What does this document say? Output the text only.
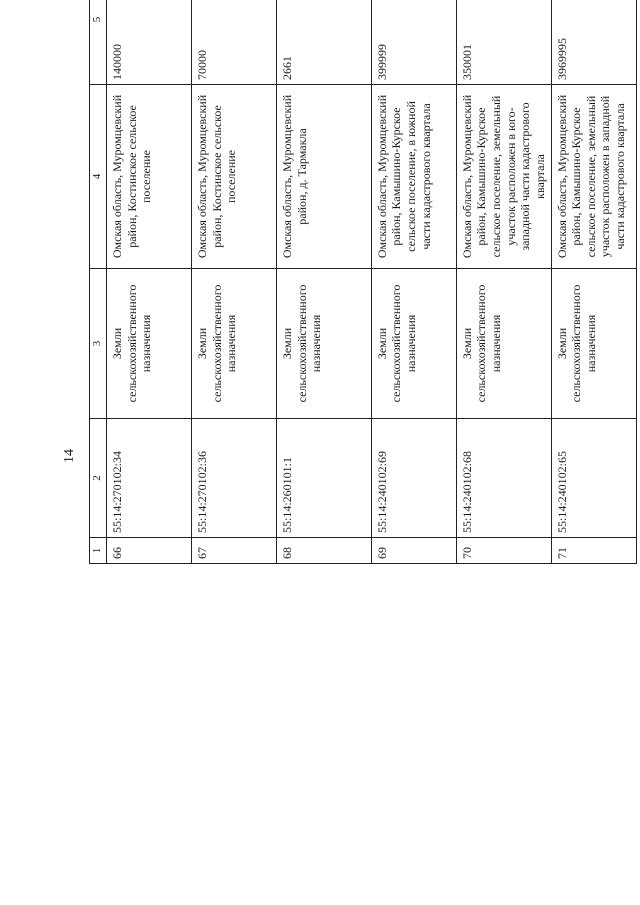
14
1	2	3	4	5	
66	55:14:270102:34	Земли сельскохозяйственного назначения	Омская область, Муромцевский район, Костинское сельское поселение	140000	
67	55:14:270102:36	Земли сельскохозяйственного назначения	Омская область, Муромцевский район, Костинское сельское поселение	70000	
68	55:14:260101:1	Земли сельскохозяйственного назначения	Омская область, Муромцевский район, д. Тармакла	2661	
69	55:14:240102:69	Земли сельскохозяйственного назначения	Омская область, Муромцевский район, Камышино-Курское сельское поселение, в южной части кадастрового квартала	399999	
70	55:14:240102:68	Земли сельскохозяйственного назначения	Омская область, Муромцевский район, Камышино-Курское сельское поселение, земельный участок расположен в юго-западной части кадастрового квартала	350001	
71	55:14:240102:65	Земли сельскохозяйственного назначения	Омская область, Муромцевский район, Камышино-Курское сельское поселение, земельный участок расположен в западной части кадастрового квартала	3969995	
